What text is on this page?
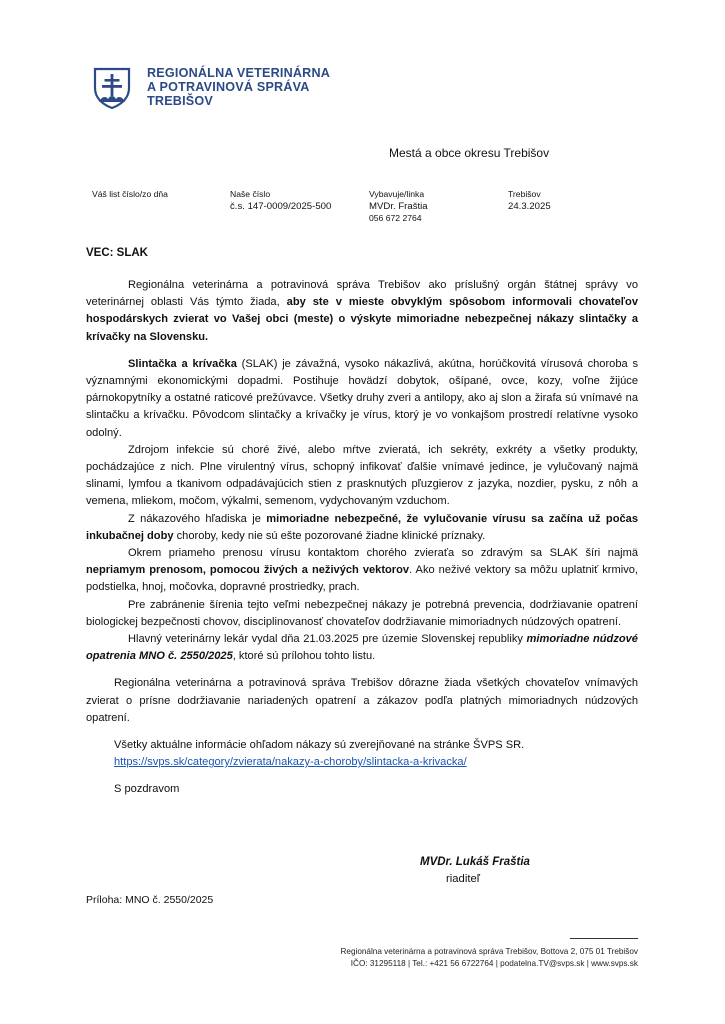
REGIONÁLNA VETERINÁRNA
A POTRAVINOVÁ SPRÁVA
TREBIŠOV
Mestá a obce okresu Trebišov
Váš list číslo/zo dňa	Naše číslo
č.s. 147-0009/2025-500
Vybavuje/linka
MVDr. Fraštia
056 672 2764
Trebišov
24.3.2025
VEC: SLAK

Regionálna veterinárna a potravinová správa Trebišov ako príslušný orgán štátnej správy vo veterinárnej oblasti Vás týmto žiada, aby ste v mieste obvyklým spôsobom informovali chovateľov hospodárskych zvierat vo Vašej obci (meste) o výskyte mimoriadne nebezpečnej nákazy slintačky a krívačky na Slovensku.

Slintačka a krívačka (SLAK) je závažná, vysoko nákazlivá, akútna, horúčkovitá vírusová choroba s významnými ekonomickými dopadmi. Postihuje hovädzí dobytok, ošípané, ovce, kozy, voľne žijúce párnokopytníky a ostatné raticové prežúvavce. Všetky druhy zveri a antilopy, ako aj slon a žirafa sú vnímavé na slintačku a krívačku. Pôvodcom slintačky a krívačky je vírus, ktorý je vo vonkajšom prostredí relatívne vysoko odolný.

Zdrojom infekcie sú choré živé, alebo mŕtve zvieratá, ich sekréty, exkréty a všetky produkty, pochádzajúce z nich. Plne virulentný vírus, schopný infikovať ďalšie vnímavé jedince, je vylučovaný najmä slinami, lymfou a tkanivom odpadávajúcich stien z prasknutých pľuzgierov z jazyka, nozdier, pysku, z nôh a vemena, mliekom, močom, výkalmi, semenom, vydychovaným vzduchom.

Z nákazového hľadiska je mimoriadne nebezpečné, že vylučovanie vírusu sa začína už počas inkubačnej doby choroby, kedy nie sú ešte pozorované žiadne klinické príznaky.

Okrem priameho prenosu vírusu kontaktom chorého zvieraťa so zdravým sa SLAK šíri najmä nepriamym prenosom, pomocou živých a neživých vektorov. Ako neživé vektory sa môžu uplatniť krmivo, podstielka, hnoj, močovka, dopravné prostriedky, prach.

Pre zabránenie šírenia tejto veľmi nebezpečnej nákazy je potrebná prevencia, dodržiavanie opatrení biologickej bezpečnosti chovov, disciplinovanosť chovateľov dodržiavanie mimoriadnych núdzových opatrení.

Hlavný veterinárny lekár vydal dňa 21.03.2025 pre územie Slovenskej republiky mimoriadne núdzové opatrenia MNO č. 2550/2025, ktoré sú prílohou tohto listu.

Regionálna veterinárna a potravinová správa Trebišov dôrazne žiada všetkých chovateľov vnímavých zvierat o prísne dodržiavanie nariadených opatrení a zákazov podľa platných mimoriadnych núdzových opatrení.

Všetky aktuálne informácie ohľadom nákazy sú zverejňované na stránke ŠVPS SR.
https://svps.sk/category/zvierata/nakazy-a-choroby/slintacka-a-krivacka/

S pozdravom

MVDr. Lukáš Fraštia
riaditeľ
Príloha: MNO č. 2550/2025
Regionálna veterinárna a potravinová správa Trebišov, Bottova 2, 075 01 Trebišov
IČO: 31295118 | Tel.: +421 56 6722764 | podatelna.TV@svps.sk | www.svps.sk
